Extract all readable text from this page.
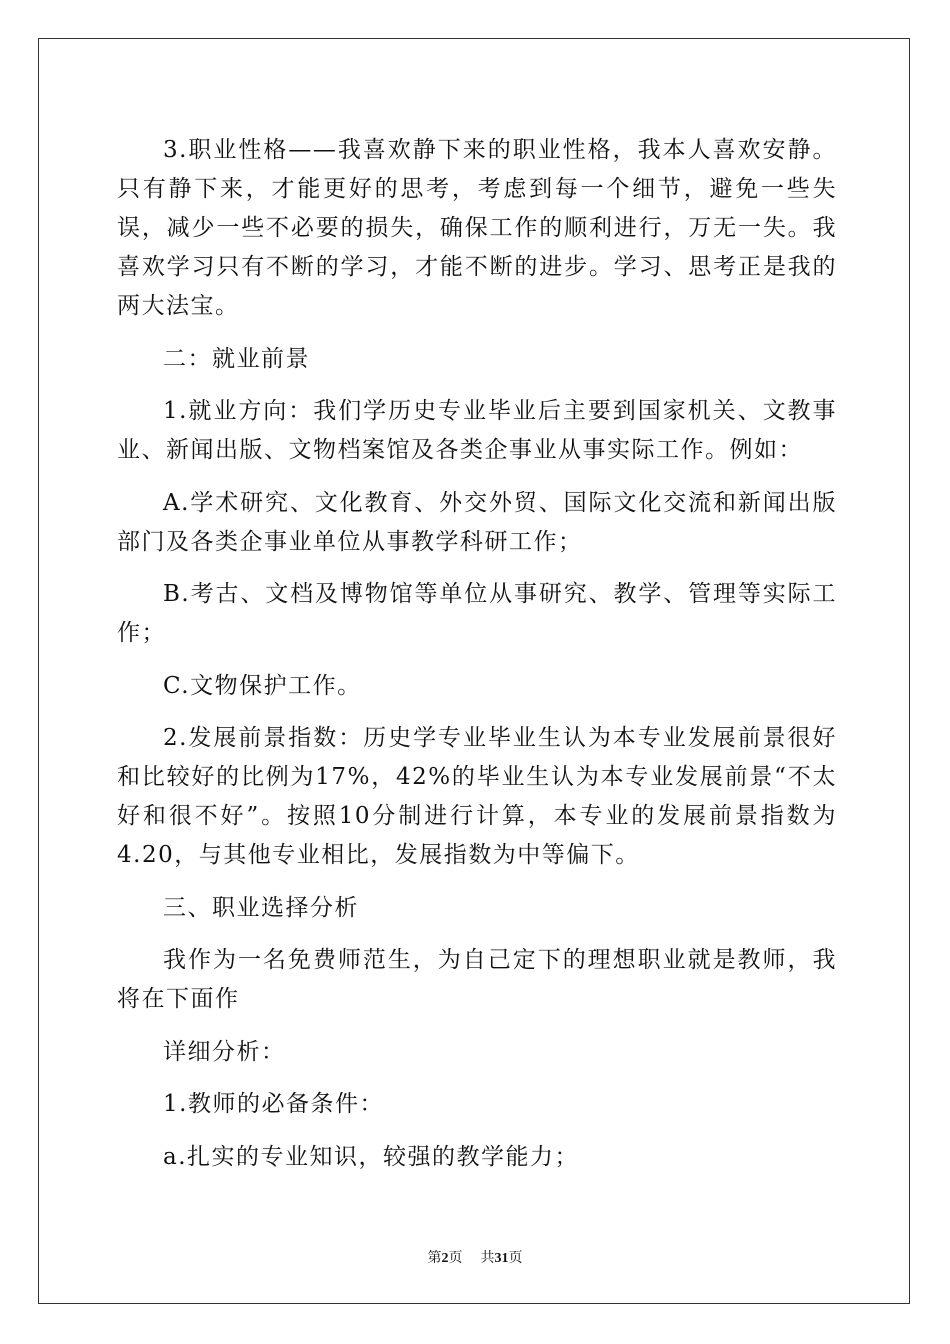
3.职业性格——我喜欢静下来的职业性格，我本人喜欢安静。只有静下来，才能更好的思考，考虑到每一个细节，避免一些失误，减少一些不必要的损失，确保工作的顺利进行，万无一失。我喜欢学习只有不断的学习，才能不断的进步。学习、思考正是我的两大法宝。

二：就业前景

1.就业方向：我们学历史专业毕业后主要到国家机关、文教事业、新闻出版、文物档案馆及各类企事业从事实际工作。例如：

A.学术研究、文化教育、外交外贸、国际文化交流和新闻出版部门及各类企事业单位从事教学科研工作；

B.考古、文档及博物馆等单位从事研究、教学、管理等实际工作；

C.文物保护工作。

2.发展前景指数：历史学专业毕业生认为本专业发展前景很好和比较好的比例为17%，42%的毕业生认为本专业发展前景“不太好和很不好”。按照10分制进行计算，本专业的发展前景指数为4.20，与其他专业相比，发展指数为中等偏下。

三、职业选择分析

我作为一名免费师范生，为自己定下的理想职业就是教师，我将在下面作

详细分析：

1.教师的必备条件：

a.扎实的专业知识，较强的教学能力；

第2页 共31页
